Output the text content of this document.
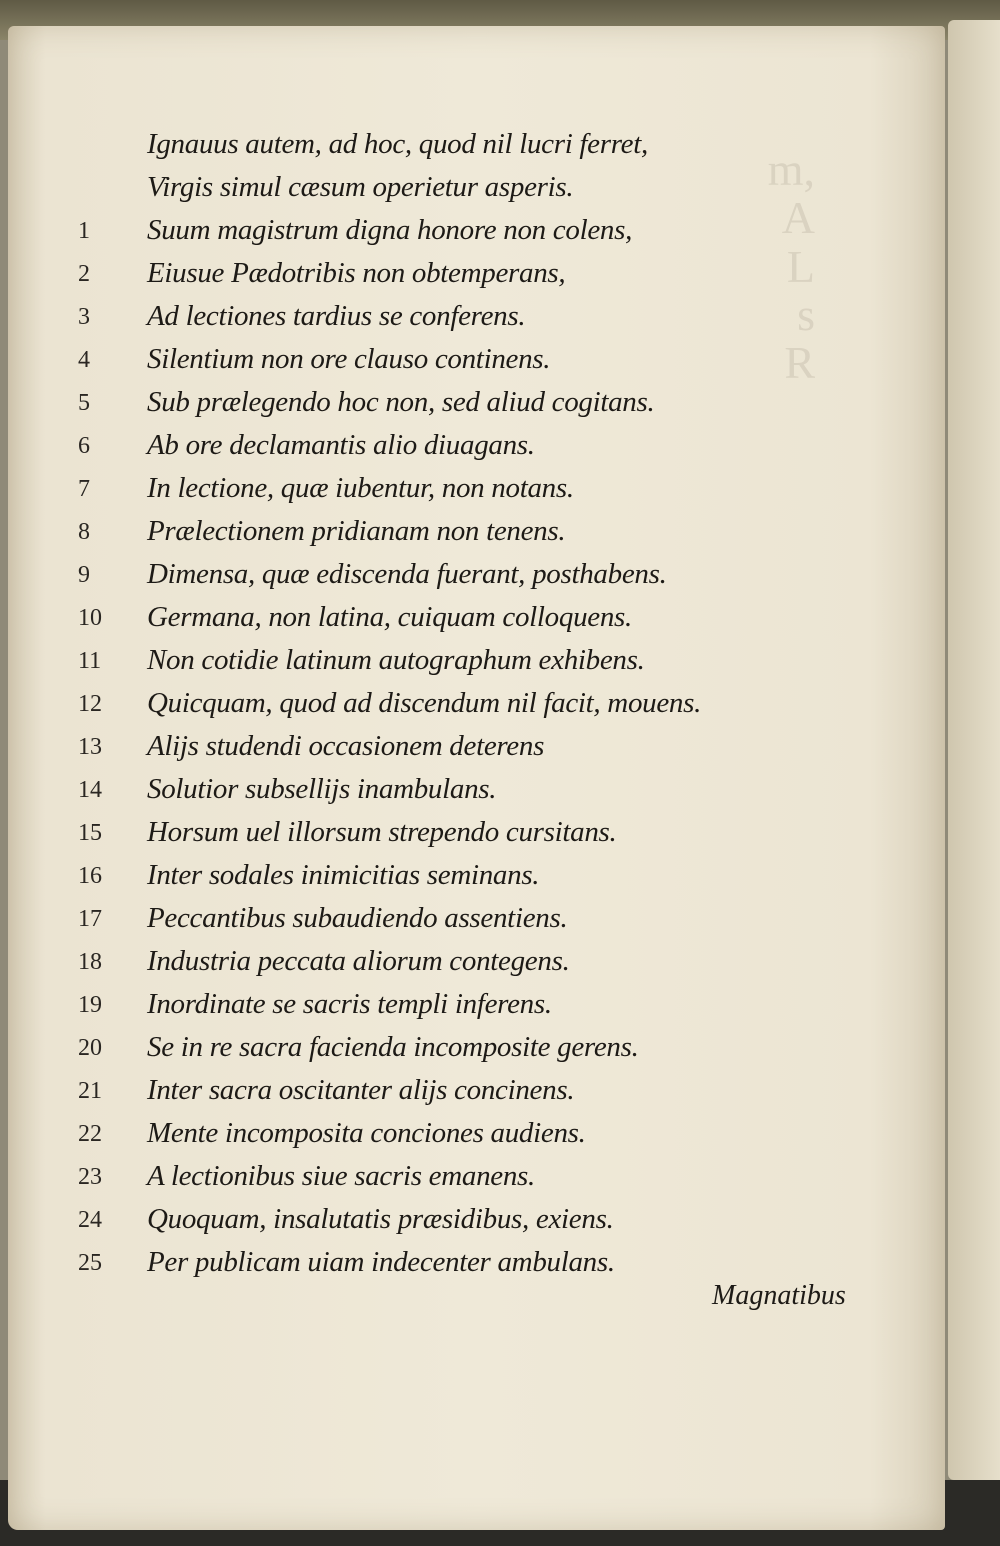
m,
A
L
s
R
Ignauus autem, ad hoc, quod nil lucri ferret,
Virgis simul cæsum operietur asperis.
1	Suum magistrum digna honore non colens,
2	Eiusue Pædotribis non obtemperans,
3	Ad lectiones tardius se conferens.
4	Silentium non ore clauso continens.
5	Sub prælegendo hoc non, sed aliud cogitans.
6	Ab ore declamantis alio diuagans.
7	In lectione, quæ iubentur, non notans.
8	Prælectionem pridianam non tenens.
9	Dimensa, quæ ediscenda fuerant, posthabens.
10	Germana, non latina, cuiquam colloquens.
11	Non cotidie latinum autographum exhibens.
12	Quicquam, quod ad discendum nil facit, mouens.
13	Alijs studendi occasionem deterens
14	Solutior subsellijs inambulans.
15	Horsum uel illorsum strependo cursitans.
16	Inter sodales inimicitias seminans.
17	Peccantibus subaudiendo assentiens.
18	Industria peccata aliorum contegens.
19	Inordinate se sacris templi inferens.
20	Se in re sacra facienda incomposite gerens.
21	Inter sacra oscitanter alijs concinens.
22	Mente incomposita conciones audiens.
23	A lectionibus siue sacris emanens.
24	Quoquam, insalutatis præsidibus, exiens.
25	Per publicam uiam indecenter ambulans.
Magnatibus
